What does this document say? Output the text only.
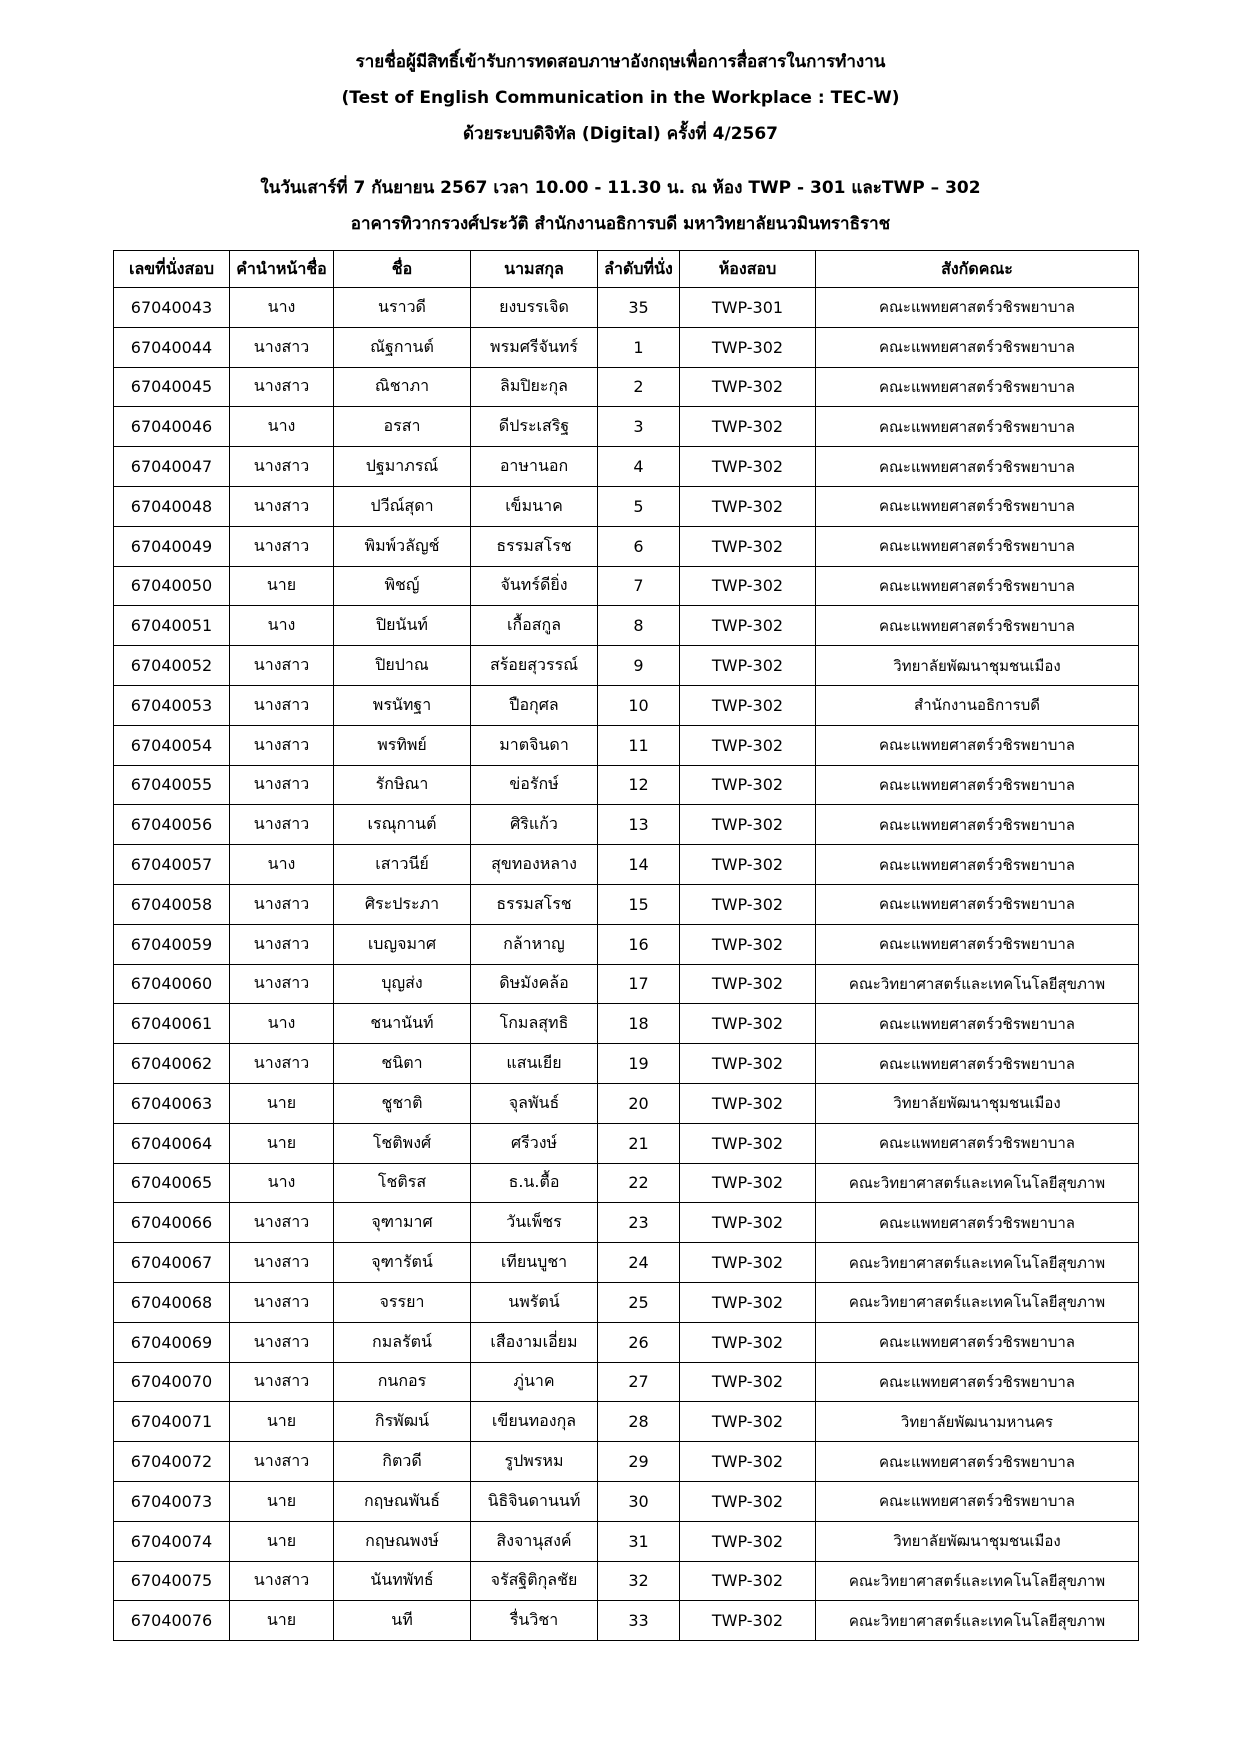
รายชื่อผู้มีสิทธิ์เข้ารับการทดสอบภาษาอังกฤษเพื่อการสื่อสารในการทำงาน
(Test of English Communication in the Workplace : TEC-W)
ด้วยระบบดิจิทัล (Digital) ครั้งที่ 4/2567
ในวันเสาร์ที่ 7 กันยายน 2567 เวลา 10.00 - 11.30 น. ณ ห้อง TWP - 301 และTWP – 302
อาคารทิวากรวงศ์ประวัติ สำนักงานอธิการบดี มหาวิทยาลัยนวมินทราธิราช
เลขที่นั่งสอบ	คำนำหน้าชื่อ	ชื่อ	นามสกุล	ลำดับที่นั่ง	ห้องสอบ	สังกัดคณะ
67040043	นาง	นราวดี	ยงบรรเจิด	35	TWP-301	คณะแพทยศาสตร์วชิรพยาบาล
67040044	นางสาว	ณัฐกานต์	พรมศรีจันทร์	1	TWP-302	คณะแพทยศาสตร์วชิรพยาบาล
67040045	นางสาว	ณิชาภา	ลิมปิยะกุล	2	TWP-302	คณะแพทยศาสตร์วชิรพยาบาล
67040046	นาง	อรสา	ดีประเสริฐ	3	TWP-302	คณะแพทยศาสตร์วชิรพยาบาล
67040047	นางสาว	ปฐมาภรณ์	อาษานอก	4	TWP-302	คณะแพทยศาสตร์วชิรพยาบาล
67040048	นางสาว	ปวีณ์สุดา	เข็มนาค	5	TWP-302	คณะแพทยศาสตร์วชิรพยาบาล
67040049	นางสาว	พิมพ์วลัญช์	ธรรมสโรช	6	TWP-302	คณะแพทยศาสตร์วชิรพยาบาล
67040050	นาย	พิชญ์	จันทร์ดียิ่ง	7	TWP-302	คณะแพทยศาสตร์วชิรพยาบาล
67040051	นาง	ปิยนันท์	เกื้อสกูล	8	TWP-302	คณะแพทยศาสตร์วชิรพยาบาล
67040052	นางสาว	ปิยปาณ	สร้อยสุวรรณ์	9	TWP-302	วิทยาลัยพัฒนาชุมชนเมือง
67040053	นางสาว	พรนัทฐา	ปือกุศล	10	TWP-302	สำนักงานอธิการบดี
67040054	นางสาว	พรทิพย์	มาตจินดา	11	TWP-302	คณะแพทยศาสตร์วชิรพยาบาล
67040055	นางสาว	รักษิณา	ข่อรักษ์	12	TWP-302	คณะแพทยศาสตร์วชิรพยาบาล
67040056	นางสาว	เรณุกานต์	ศิริแก้ว	13	TWP-302	คณะแพทยศาสตร์วชิรพยาบาล
67040057	นาง	เสาวนีย์	สุขทองหลาง	14	TWP-302	คณะแพทยศาสตร์วชิรพยาบาล
67040058	นางสาว	ศิระประภา	ธรรมสโรช	15	TWP-302	คณะแพทยศาสตร์วชิรพยาบาล
67040059	นางสาว	เบญจมาศ	กล้าหาญ	16	TWP-302	คณะแพทยศาสตร์วชิรพยาบาล
67040060	นางสาว	บุญส่ง	ดิษมังคล้อ	17	TWP-302	คณะวิทยาศาสตร์และเทคโนโลยีสุขภาพ
67040061	นาง	ชนานันท์	โกมลสุทธิ	18	TWP-302	คณะแพทยศาสตร์วชิรพยาบาล
67040062	นางสาว	ชนิตา	แสนเยีย	19	TWP-302	คณะแพทยศาสตร์วชิรพยาบาล
67040063	นาย	ชูชาติ	จุลพันธ์	20	TWP-302	วิทยาลัยพัฒนาชุมชนเมือง
67040064	นาย	โชติพงศ์	ศรีวงษ์	21	TWP-302	คณะแพทยศาสตร์วชิรพยาบาล
67040065	นาง	โชติรส	ธ.น.ตื้อ	22	TWP-302	คณะวิทยาศาสตร์และเทคโนโลยีสุขภาพ
67040066	นางสาว	จุฑามาศ	วันเพ็ชร	23	TWP-302	คณะแพทยศาสตร์วชิรพยาบาล
67040067	นางสาว	จุฑารัตน์	เทียนบูชา	24	TWP-302	คณะวิทยาศาสตร์และเทคโนโลยีสุขภาพ
67040068	นางสาว	จรรยา	นพรัตน์	25	TWP-302	คณะวิทยาศาสตร์และเทคโนโลยีสุขภาพ
67040069	นางสาว	กมลรัตน์	เสืองามเอี่ยม	26	TWP-302	คณะแพทยศาสตร์วชิรพยาบาล
67040070	นางสาว	กนกอร	ภู่นาค	27	TWP-302	คณะแพทยศาสตร์วชิรพยาบาล
67040071	นาย	กิรพัฒน์	เขียนทองกุล	28	TWP-302	วิทยาลัยพัฒนามหานคร
67040072	นางสาว	กิตวดี	รูปพรหม	29	TWP-302	คณะแพทยศาสตร์วชิรพยาบาล
67040073	นาย	กฤษณพันธ์	นิธิจินดานนท์	30	TWP-302	คณะแพทยศาสตร์วชิรพยาบาล
67040074	นาย	กฤษณพงษ์	สิงจานุสงค์	31	TWP-302	วิทยาลัยพัฒนาชุมชนเมือง
67040075	นางสาว	นันทพัทธ์	จรัสฐิติกุลชัย	32	TWP-302	คณะวิทยาศาสตร์และเทคโนโลยีสุขภาพ
67040076	นาย	นที	รื่นวิชา	33	TWP-302	คณะวิทยาศาสตร์และเทคโนโลยีสุขภาพ
